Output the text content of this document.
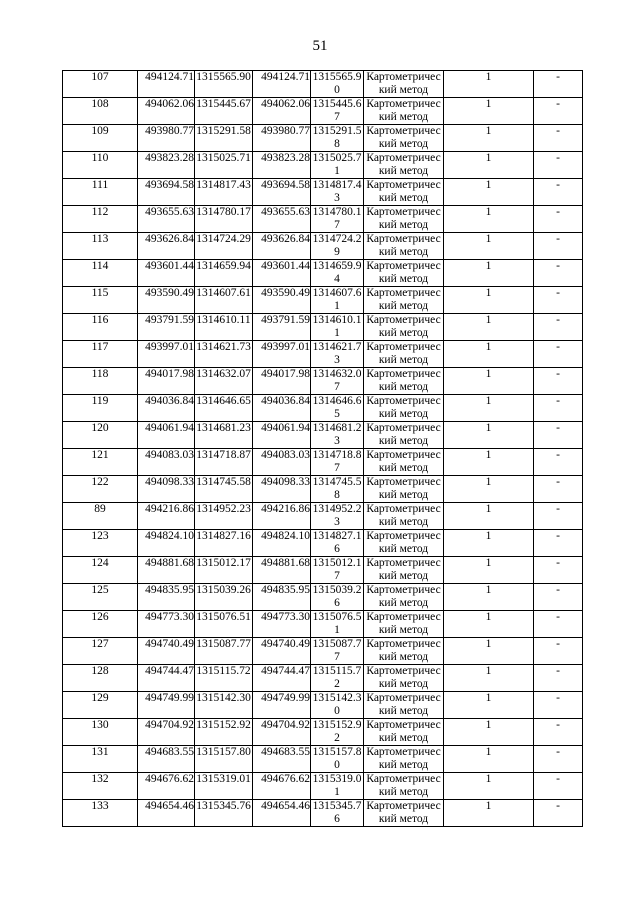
51
107	494124.71	1315565.90	494124.71	1315565.90	Картометрический метод	1	-

108	494062.06	1315445.67	494062.06	1315445.67	Картометрический метод	1	-

109	493980.77	1315291.58	493980.77	1315291.58	Картометрический метод	1	-

110	493823.28	1315025.71	493823.28	1315025.71	Картометрический метод	1	-

111	493694.58	1314817.43	493694.58	1314817.43	Картометрический метод	1	-

112	493655.63	1314780.17	493655.63	1314780.17	Картометрический метод	1	-

113	493626.84	1314724.29	493626.84	1314724.29	Картометрический метод	1	-

114	493601.44	1314659.94	493601.44	1314659.94	Картометрический метод	1	-

115	493590.49	1314607.61	493590.49	1314607.61	Картометрический метод	1	-

116	493791.59	1314610.11	493791.59	1314610.11	Картометрический метод	1	-

117	493997.01	1314621.73	493997.01	1314621.73	Картометрический метод	1	-

118	494017.98	1314632.07	494017.98	1314632.07	Картометрический метод	1	-

119	494036.84	1314646.65	494036.84	1314646.65	Картометрический метод	1	-

120	494061.94	1314681.23	494061.94	1314681.23	Картометрический метод	1	-

121	494083.03	1314718.87	494083.03	1314718.87	Картометрический метод	1	-

122	494098.33	1314745.58	494098.33	1314745.58	Картометрический метод	1	-

89	494216.86	1314952.23	494216.86	1314952.23	Картометрический метод	1	-

123	494824.10	1314827.16	494824.10	1314827.16	Картометрический метод	1	-

124	494881.68	1315012.17	494881.68	1315012.17	Картометрический метод	1	-

125	494835.95	1315039.26	494835.95	1315039.26	Картометрический метод	1	-

126	494773.30	1315076.51	494773.30	1315076.51	Картометрический метод	1	-

127	494740.49	1315087.77	494740.49	1315087.77	Картометрический метод	1	-

128	494744.47	1315115.72	494744.47	1315115.72	Картометрический метод	1	-

129	494749.99	1315142.30	494749.99	1315142.30	Картометрический метод	1	-

130	494704.92	1315152.92	494704.92	1315152.92	Картометрический метод	1	-

131	494683.55	1315157.80	494683.55	1315157.80	Картометрический метод	1	-

132	494676.62	1315319.01	494676.62	1315319.01	Картометрический метод	1	-

133	494654.46	1315345.76	494654.46	1315345.76	Картометрический метод	1	-
